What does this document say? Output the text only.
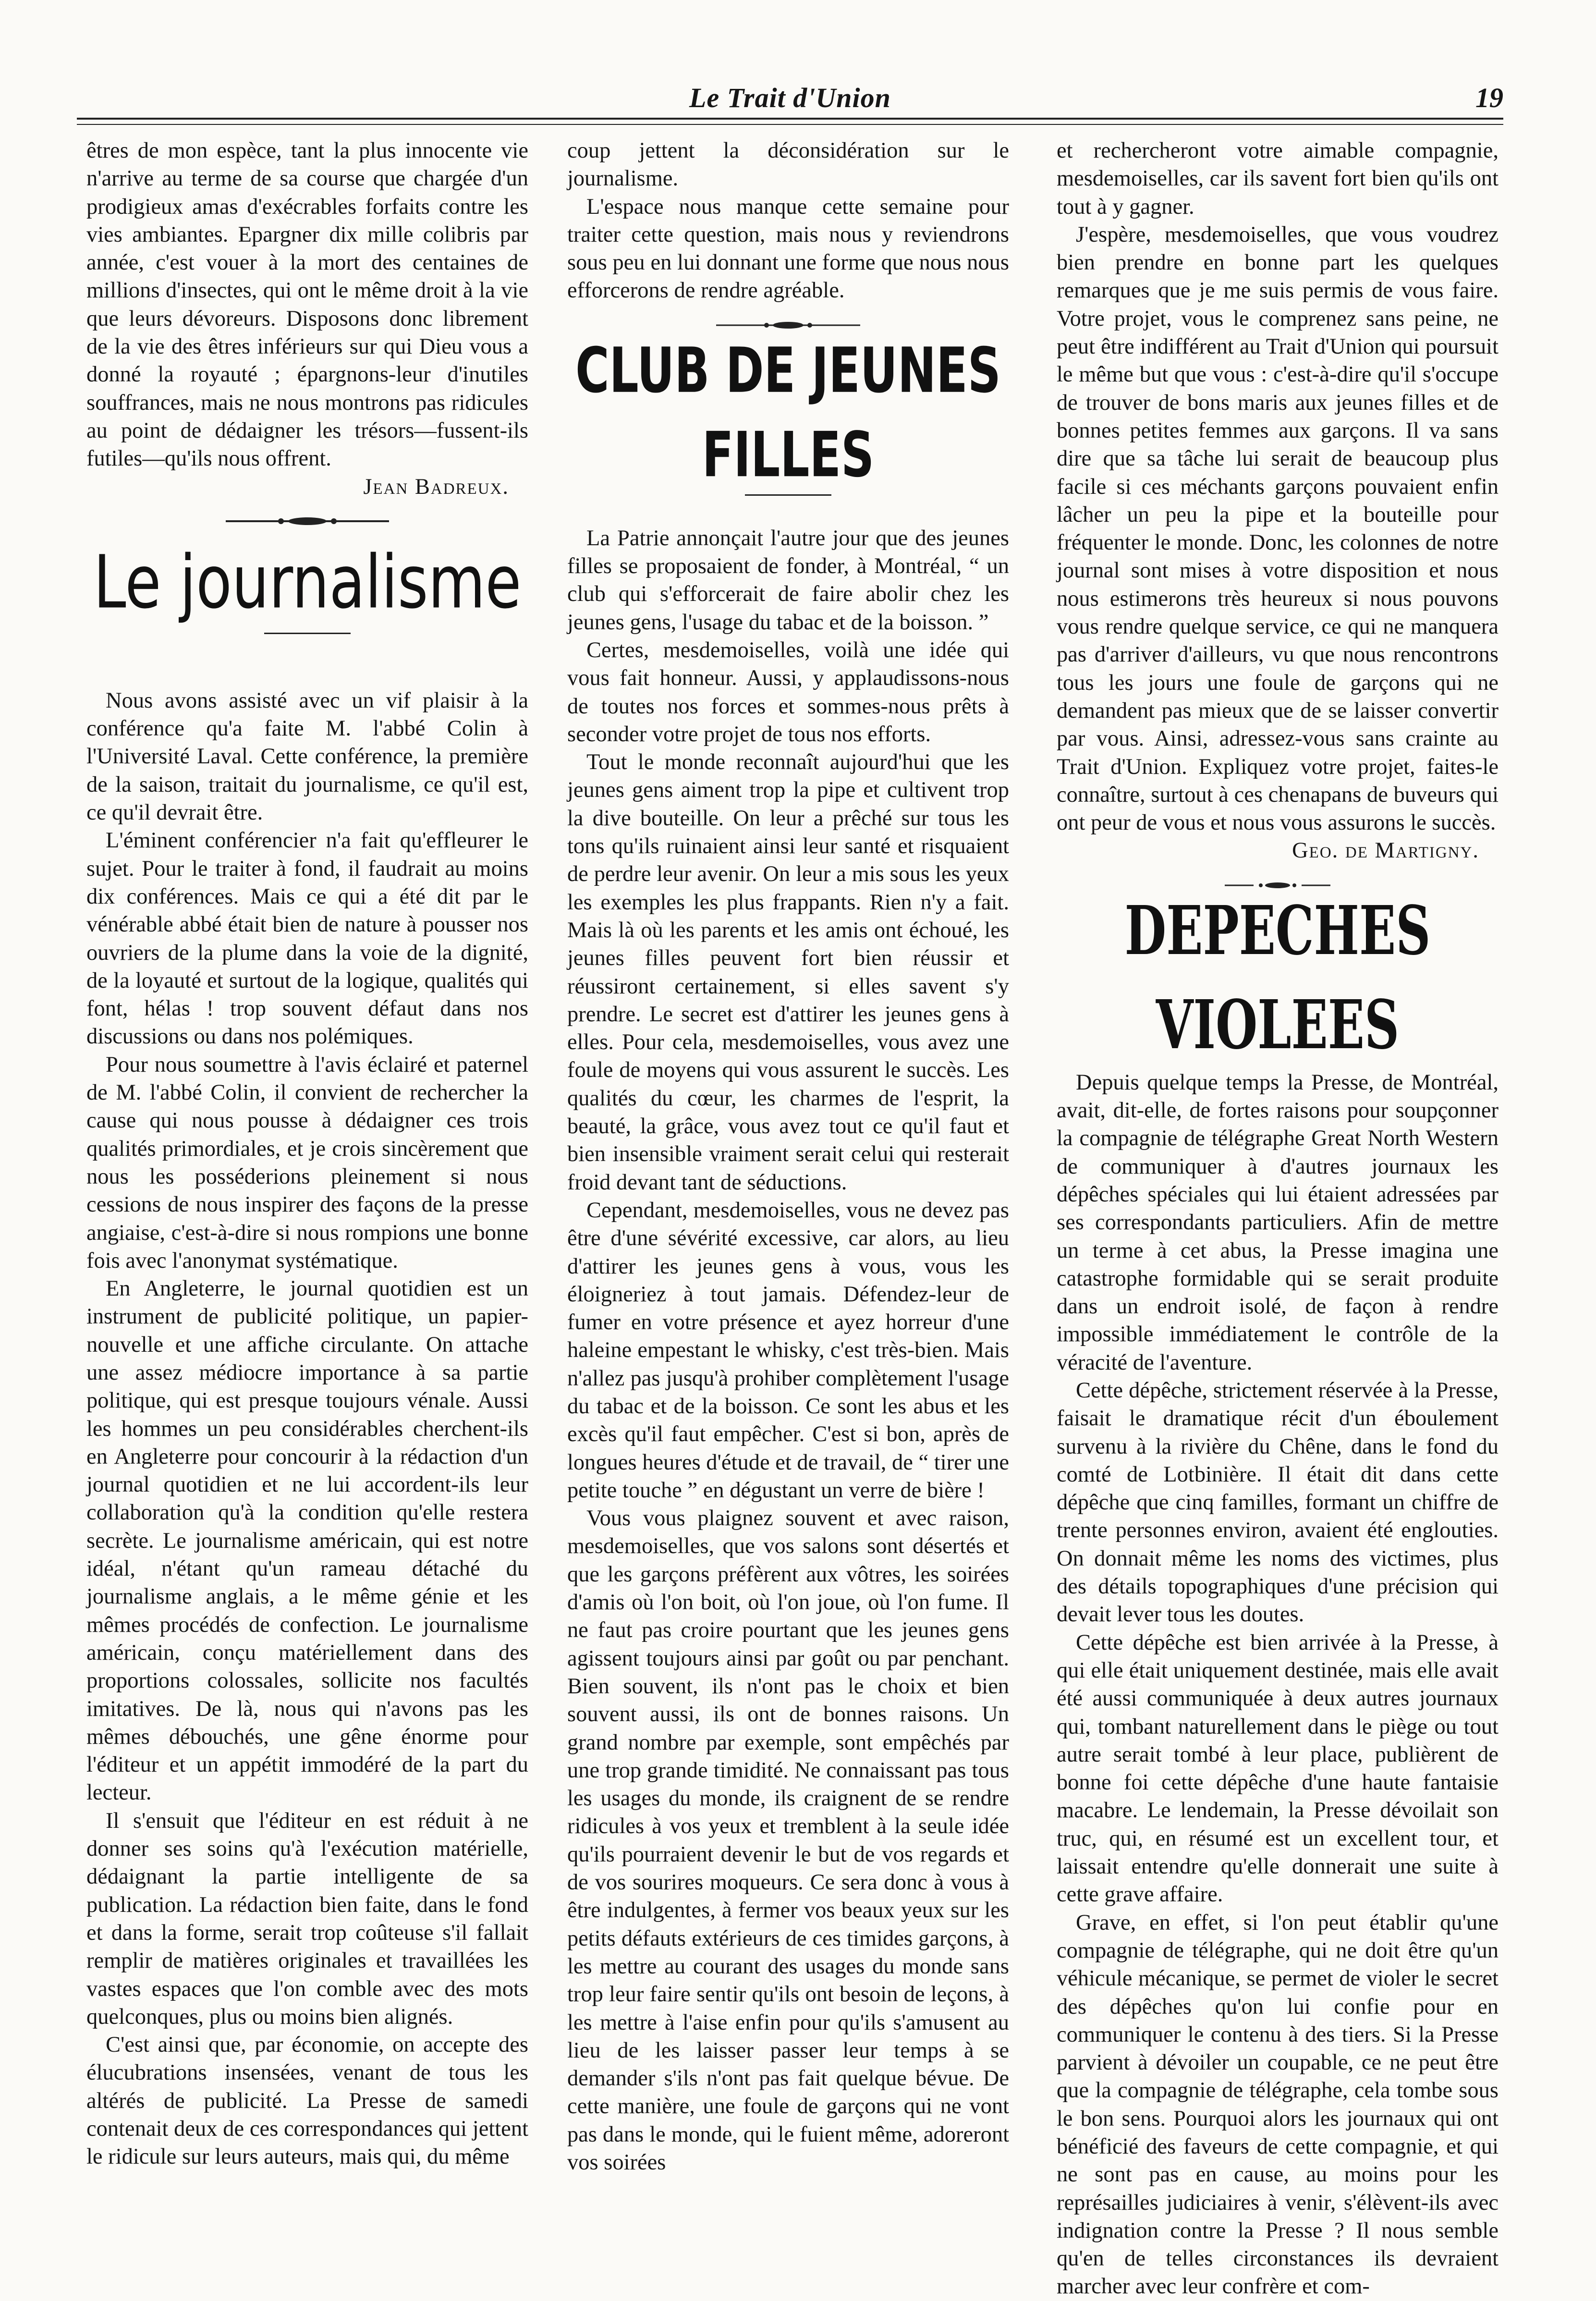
Le Trait d'Union	19

êtres de mon espèce, tant la plus innocente vie n'arrive au terme de sa course que chargée d'un prodigieux amas d'exécrables forfaits contre les vies ambiantes. Epargner dix mille colibris par année, c'est vouer à la mort des centaines de millions d'insectes, qui ont le même droit à la vie que leurs dévoreurs. Disposons donc librement de la vie des êtres inférieurs sur qui Dieu vous a donné la royauté ; épargnons-leur d'inutiles souffrances, mais ne nous montrons pas ridicules au point de dédaigner les trésors—fussent-ils futiles—qu'ils nous offrent.

Jean Badreux.

Le journalisme

Nous avons assisté avec un vif plaisir à la conférence qu'a faite M. l'abbé Colin à l'Université Laval. Cette conférence, la première de la saison, traitait du journalisme, ce qu'il est, ce qu'il devrait être.

L'éminent conférencier n'a fait qu'effleurer le sujet. Pour le traiter à fond, il faudrait au moins dix conférences. Mais ce qui a été dit par le vénérable abbé était bien de nature à pousser nos ouvriers de la plume dans la voie de la dignité, de la loyauté et surtout de la logique, qualités qui font, hélas ! trop souvent défaut dans nos discussions ou dans nos polémiques.

Pour nous soumettre à l'avis éclairé et paternel de M. l'abbé Colin, il convient de rechercher la cause qui nous pousse à dédaigner ces trois qualités primordiales, et je crois sincèrement que nous les posséderions pleinement si nous cessions de nous inspirer des façons de la presse angiaise, c'est-à-dire si nous rompions une bonne fois avec l'anonymat systématique.

En Angleterre, le journal quotidien est un instrument de publicité politique, un papier-nouvelle et une affiche circulante. On attache une assez médiocre importance à sa partie politique, qui est presque toujours vénale. Aussi les hommes un peu considérables cherchent-ils en Angleterre pour concourir à la rédaction d'un journal quotidien et ne lui accordent-ils leur collaboration qu'à la condition qu'elle restera secrète. Le journalisme américain, qui est notre idéal, n'étant qu'un rameau détaché du journalisme anglais, a le même génie et les mêmes procédés de confection. Le journalisme américain, conçu matériellement dans des proportions colossales, sollicite nos facultés imitatives. De là, nous qui n'avons pas les mêmes débouchés, une gêne énorme pour l'éditeur et un appétit immodéré de la part du lecteur.

Il s'ensuit que l'éditeur en est réduit à ne donner ses soins qu'à l'exécution matérielle, dédaignant la partie intelligente de sa publication. La rédaction bien faite, dans le fond et dans la forme, serait trop coûteuse s'il fallait remplir de matières originales et travaillées les vastes espaces que l'on comble avec des mots quelconques, plus ou moins bien alignés.

C'est ainsi que, par économie, on accepte des élucubrations insensées, venant de tous les altérés de publicité. La Presse de samedi contenait deux de ces correspondances qui jettent le ridicule sur leurs auteurs, mais qui, du même

coup jettent la déconsidération sur le journalisme.

L'espace nous manque cette semaine pour traiter cette question, mais nous y reviendrons sous peu en lui donnant une forme que nous nous efforcerons de rendre agréable.

CLUB DE JEUNES FILLES

La Patrie annonçait l'autre jour que des jeunes filles se proposaient de fonder, à Montréal, “ un club qui s'efforcerait de faire abolir chez les jeunes gens, l'usage du tabac et de la boisson. ”

Certes, mesdemoiselles, voilà une idée qui vous fait honneur. Aussi, y applaudissons-nous de toutes nos forces et sommes-nous prêts à seconder votre projet de tous nos efforts.

Tout le monde reconnaît aujourd'hui que les jeunes gens aiment trop la pipe et cultivent trop la dive bouteille. On leur a prêché sur tous les tons qu'ils ruinaient ainsi leur santé et risquaient de perdre leur avenir. On leur a mis sous les yeux les exemples les plus frappants. Rien n'y a fait. Mais là où les parents et les amis ont échoué, les jeunes filles peuvent fort bien réussir et réussiront certainement, si elles savent s'y prendre. Le secret est d'attirer les jeunes gens à elles. Pour cela, mesdemoiselles, vous avez une foule de moyens qui vous assurent le succès. Les qualités du cœur, les charmes de l'esprit, la beauté, la grâce, vous avez tout ce qu'il faut et bien insensible vraiment serait celui qui resterait froid devant tant de séductions.

Cependant, mesdemoiselles, vous ne devez pas être d'une sévérité excessive, car alors, au lieu d'attirer les jeunes gens à vous, vous les éloigneriez à tout jamais. Défendez-leur de fumer en votre présence et ayez horreur d'une haleine empestant le whisky, c'est très-bien. Mais n'allez pas jusqu'à prohiber complètement l'usage du tabac et de la boisson. Ce sont les abus et les excès qu'il faut empêcher. C'est si bon, après de longues heures d'étude et de travail, de “ tirer une petite touche ” en dégustant un verre de bière !

Vous vous plaignez souvent et avec raison, mesdemoiselles, que vos salons sont désertés et que les garçons préfèrent aux vôtres, les soirées d'amis où l'on boit, où l'on joue, où l'on fume. Il ne faut pas croire pourtant que les jeunes gens agissent toujours ainsi par goût ou par penchant. Bien souvent, ils n'ont pas le choix et bien souvent aussi, ils ont de bonnes raisons. Un grand nombre par exemple, sont empêchés par une trop grande timidité. Ne connaissant pas tous les usages du monde, ils craignent de se rendre ridicules à vos yeux et tremblent à la seule idée qu'ils pourraient devenir le but de vos regards et de vos sourires moqueurs. Ce sera donc à vous à être indulgentes, à fermer vos beaux yeux sur les petits défauts extérieurs de ces timides garçons, à les mettre au courant des usages du monde sans trop leur faire sentir qu'ils ont besoin de leçons, à les mettre à l'aise enfin pour qu'ils s'amusent au lieu de les laisser passer leur temps à se demander s'ils n'ont pas fait quelque bévue. De cette manière, une foule de garçons qui ne vont pas dans le monde, qui le fuient même, adoreront vos soirées

et rechercheront votre aimable compagnie, mesdemoiselles, car ils savent fort bien qu'ils ont tout à y gagner.

J'espère, mesdemoiselles, que vous voudrez bien prendre en bonne part les quelques remarques que je me suis permis de vous faire. Votre projet, vous le comprenez sans peine, ne peut être indifférent au Trait d'Union qui poursuit le même but que vous : c'est-à-dire qu'il s'occupe de trouver de bons maris aux jeunes filles et de bonnes petites femmes aux garçons. Il va sans dire que sa tâche lui serait de beaucoup plus facile si ces méchants garçons pouvaient enfin lâcher un peu la pipe et la bouteille pour fréquenter le monde. Donc, les colonnes de notre journal sont mises à votre disposition et nous nous estimerons très heureux si nous pouvons vous rendre quelque service, ce qui ne manquera pas d'arriver d'ailleurs, vu que nous rencontrons tous les jours une foule de garçons qui ne demandent pas mieux que de se laisser convertir par vous. Ainsi, adressez-vous sans crainte au Trait d'Union. Expliquez votre projet, faites-le connaître, surtout à ces chenapans de buveurs qui ont peur de vous et nous vous assurons le succès.

Geo. de Martigny.

DEPECHES VIOLEES

Depuis quelque temps la Presse, de Montréal, avait, dit-elle, de fortes raisons pour soupçonner la compagnie de télégraphe Great North Western de communiquer à d'autres journaux les dépêches spéciales qui lui étaient adressées par ses correspondants particuliers. Afin de mettre un terme à cet abus, la Presse imagina une catastrophe formidable qui se serait produite dans un endroit isolé, de façon à rendre impossible immédiatement le contrôle de la véracité de l'aventure.

Cette dépêche, strictement réservée à la Presse, faisait le dramatique récit d'un éboulement survenu à la rivière du Chêne, dans le fond du comté de Lotbinière. Il était dit dans cette dépêche que cinq familles, formant un chiffre de trente personnes environ, avaient été englouties. On donnait même les noms des victimes, plus des détails topographiques d'une précision qui devait lever tous les doutes.

Cette dépêche est bien arrivée à la Presse, à qui elle était uniquement destinée, mais elle avait été aussi communiquée à deux autres journaux qui, tombant naturellement dans le piège ou tout autre serait tombé à leur place, publièrent de bonne foi cette dépêche d'une haute fantaisie macabre. Le lendemain, la Presse dévoilait son truc, qui, en résumé est un excellent tour, et laissait entendre qu'elle donnerait une suite à cette grave affaire.

Grave, en effet, si l'on peut établir qu'une compagnie de télégraphe, qui ne doit être qu'un véhicule mécanique, se permet de violer le secret des dépêches qu'on lui confie pour en communiquer le contenu à des tiers. Si la Presse parvient à dévoiler un coupable, ce ne peut être que la compagnie de télégraphe, cela tombe sous le bon sens. Pourquoi alors les journaux qui ont bénéficié des faveurs de cette compagnie, et qui ne sont pas en cause, au moins pour les représailles judiciaires à venir, s'élèvent-ils avec indignation contre la Presse ? Il nous semble qu'en de telles circonstances ils devraient marcher avec leur confrère et com-
